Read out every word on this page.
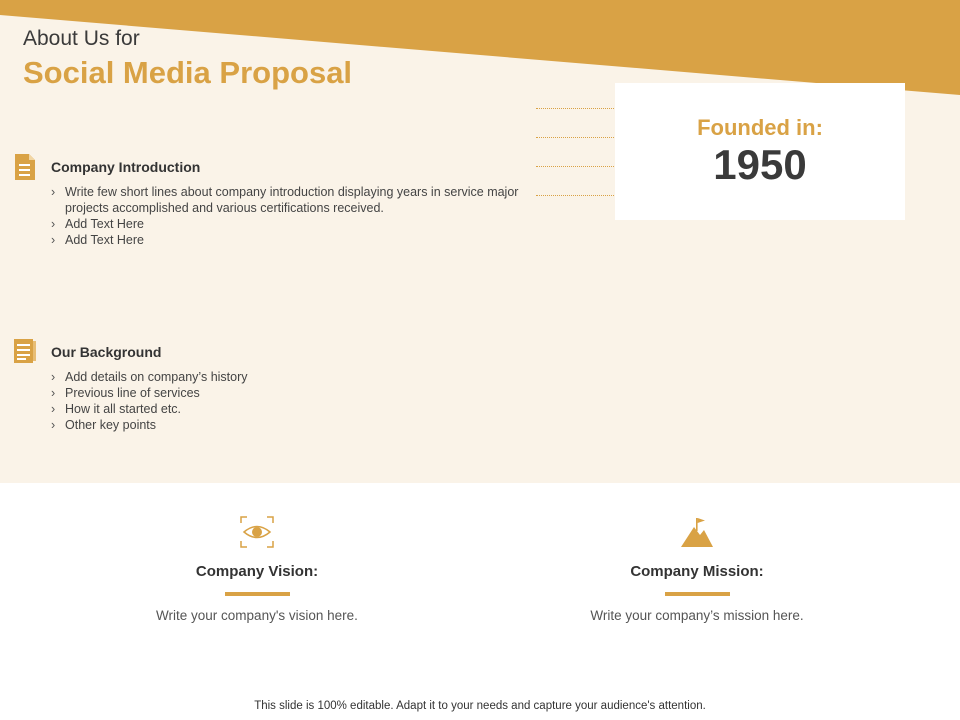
About Us for
Social Media Proposal
Founded in:
1950
Company Introduction
› Write few short lines about company introduction displaying years in service major projects accomplished and various certifications received.
› Add Text Here
› Add Text Here
Our Background
› Add details on company’s history
› Previous line of services
› How it all started etc.
› Other key points
Company Vision:
Write your company's vision here.
Company Mission:
Write your company’s mission here.
This slide is 100% editable. Adapt it to your needs and capture your audience's attention.
